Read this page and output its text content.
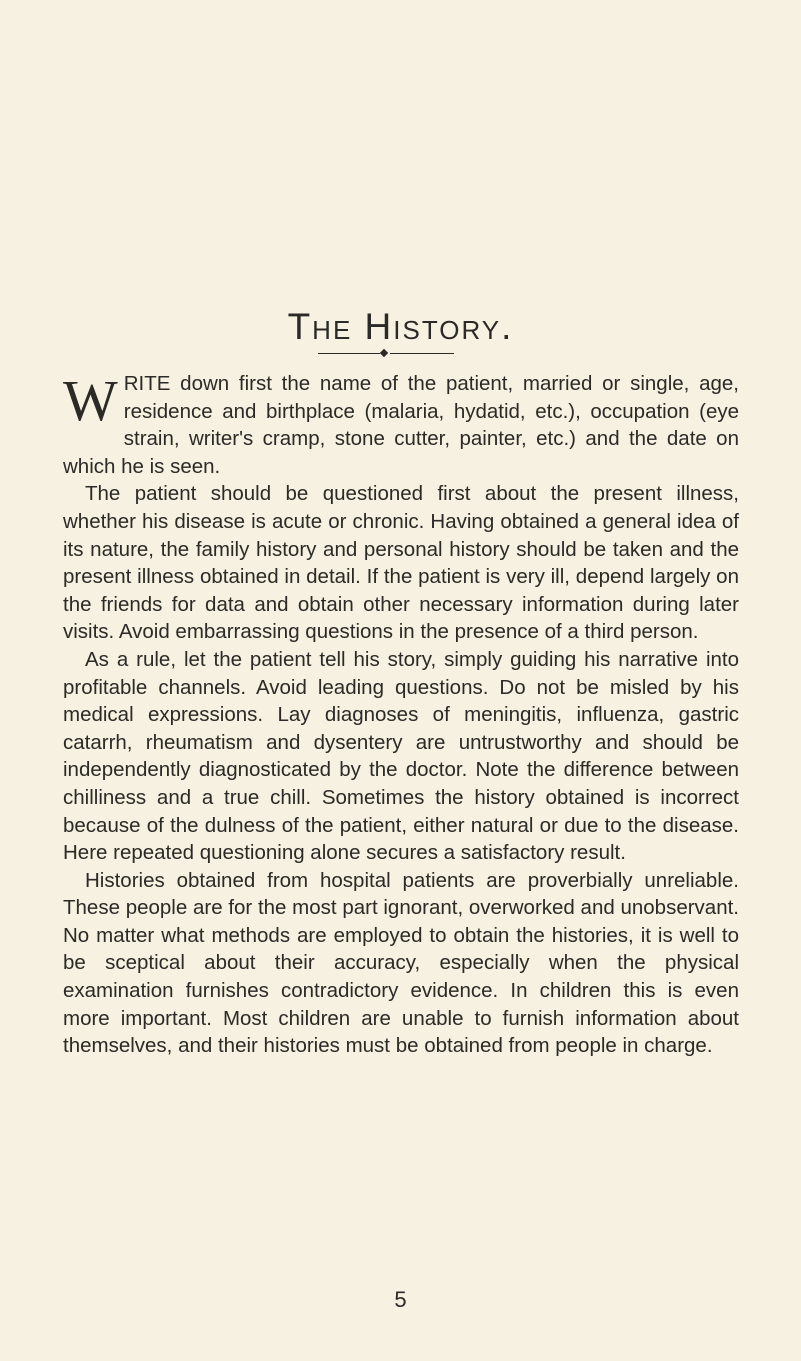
The History.

WRITE down first the name of the patient, married or single, age, residence and birthplace (malaria, hydatid, etc.), occupation (eye strain, writer's cramp, stone cutter, painter, etc.) and the date on which he is seen.

The patient should be questioned first about the present illness, whether his disease is acute or chronic. Having obtained a general idea of its nature, the family history and personal history should be taken and the present illness obtained in detail. If the patient is very ill, depend largely on the friends for data and obtain other necessary information during later visits. Avoid embarrassing questions in the presence of a third person.

As a rule, let the patient tell his story, simply guiding his narrative into profitable channels. Avoid leading questions. Do not be misled by his medical expressions. Lay diagnoses of meningitis, influenza, gastric catarrh, rheumatism and dysentery are untrustworthy and should be independently diagnosticated by the doctor. Note the difference between chilliness and a true chill. Sometimes the history obtained is incorrect because of the dulness of the patient, either natural or due to the disease. Here repeated questioning alone secures a satisfactory result.

Histories obtained from hospital patients are proverbially unreliable. These people are for the most part ignorant, overworked and unobservant. No matter what methods are employed to obtain the histories, it is well to be sceptical about their accuracy, especially when the physical examination furnishes contradictory evidence. In children this is even more important. Most children are unable to furnish information about themselves, and their histories must be obtained from people in charge.

5
